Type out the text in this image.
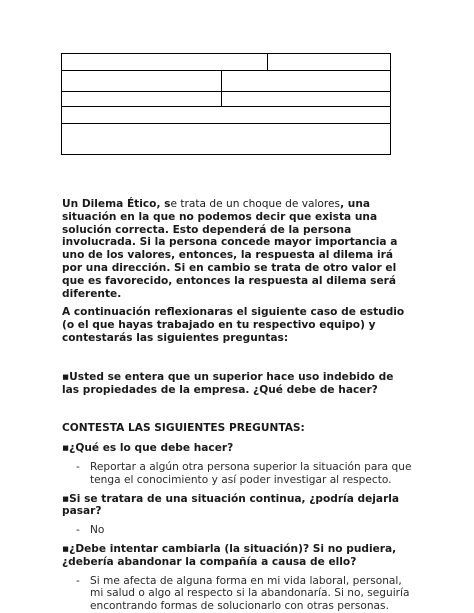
Un Dilema Ético, se trata de un choque de valores, una situación en la que no podemos decir que exista una solución correcta. Esto dependerá de la persona involucrada. Si la persona concede mayor importancia a uno de los valores, entonces, la respuesta al dilema irá por una dirección. Si en cambio se trata de otro valor el que es favorecido, entonces la respuesta al dilema será diferente.

A continuación reflexionaras el siguiente caso de estudio (o el que hayas trabajado en tu respectivo equipo) y contestarás las siguientes preguntas:

▪Usted se entera que un superior hace uso indebido de las propiedades de la empresa. ¿Qué debe de hacer?

CONTESTA LAS SIGUIENTES PREGUNTAS:

▪¿Qué es lo que debe hacer?

- Reportar a algún otra persona superior la situación para que tenga el conocimiento y así poder investigar al respecto.

▪Si se tratara de una situación continua, ¿podría dejarla pasar?

- No

▪¿Debe intentar cambiarla (la situación)? Si no pudiera, ¿debería abandonar la compañía a causa de ello?

- Si me afecta de alguna forma en mi vida laboral, personal, mi salud o algo al respecto si la abandonaría. Si no, seguiría encontrando formas de solucionarlo con otras personas.
